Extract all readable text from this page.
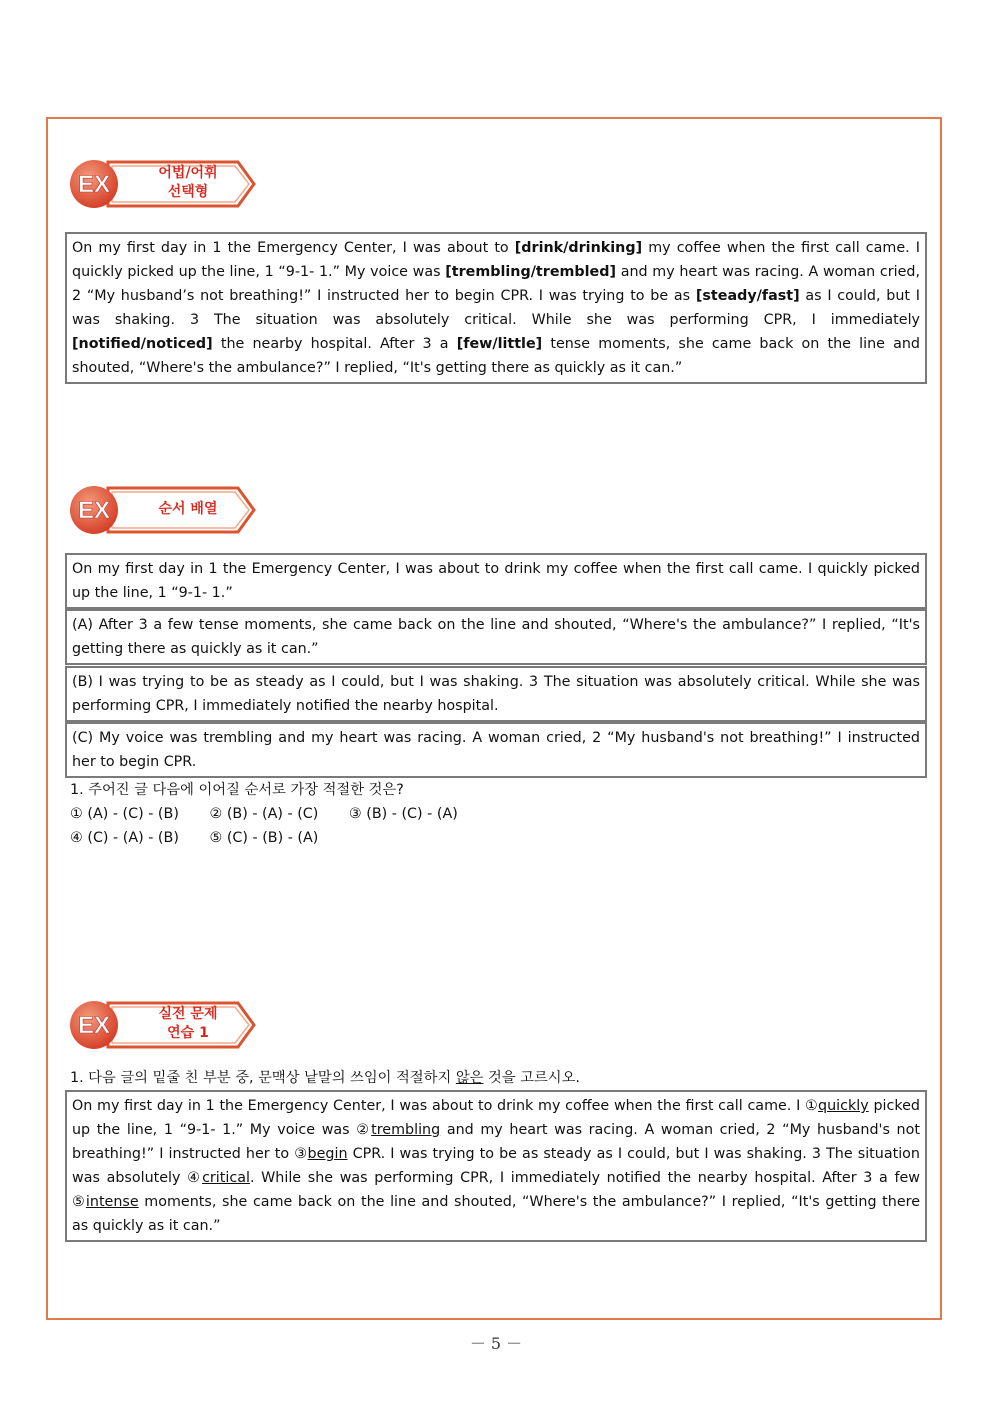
EX	어법/어휘
선택형
On my first day in 1 the Emergency Center, I was about to [drink/drinking] my coffee when the first call came. I quickly picked up the line, 1 “9-1- 1.” My voice was [trembling/trembled] and my heart was racing. A woman cried, 2 “My husband’s not breathing!” I instructed her to begin CPR. I was trying to be as [steady/fast] as I could, but I was shaking. 3 The situation was absolutely critical. While she was performing CPR, I immediately [notified/noticed] the nearby hospital. After 3 a [few/little] tense moments, she came back on the line and shouted, “Where's the ambulance?” I replied, “It's getting there as quickly as it can.”
EX	순서 배열
On my first day in 1 the Emergency Center, I was about to drink my coffee when the first call came. I quickly picked up the line, 1 “9-1- 1.”
(A) After 3 a few tense moments, she came back on the line and shouted, “Where's the ambulance?” I replied, “It's getting there as quickly as it can.”
(B) I was trying to be as steady as I could, but I was shaking. 3 The situation was absolutely critical. While she was performing CPR, I immediately notified the nearby hospital.
(C) My voice was trembling and my heart was racing. A woman cried, 2 “My husband's not breathing!” I instructed her to begin CPR.
1. 주어진 글 다음에 이어질 순서로 가장 적절한 것은?
① (A) - (C) - (B) ② (B) - (A) - (C) ③ (B) - (C) - (A)
④ (C) - (A) - (B) ⑤ (C) - (B) - (A)
EX	실전 문제
연습 1
1. 다음 글의 밑줄 친 부분 중, 문맥상 낱말의 쓰임이 적절하지 않은 것을 고르시오.
On my first day in 1 the Emergency Center, I was about to drink my coffee when the first call came. I ①quickly picked up the line, 1 “9-1- 1.” My voice was ②trembling and my heart was racing. A woman cried, 2 “My husband's not breathing!” I instructed her to ③begin CPR. I was trying to be as steady as I could, but I was shaking. 3 The situation was absolutely ④critical. While she was performing CPR, I immediately notified the nearby hospital. After 3 a few ⑤intense moments, she came back on the line and shouted, “Where's the ambulance?” I replied, “It's getting there as quickly as it can.”
－ 5 －
